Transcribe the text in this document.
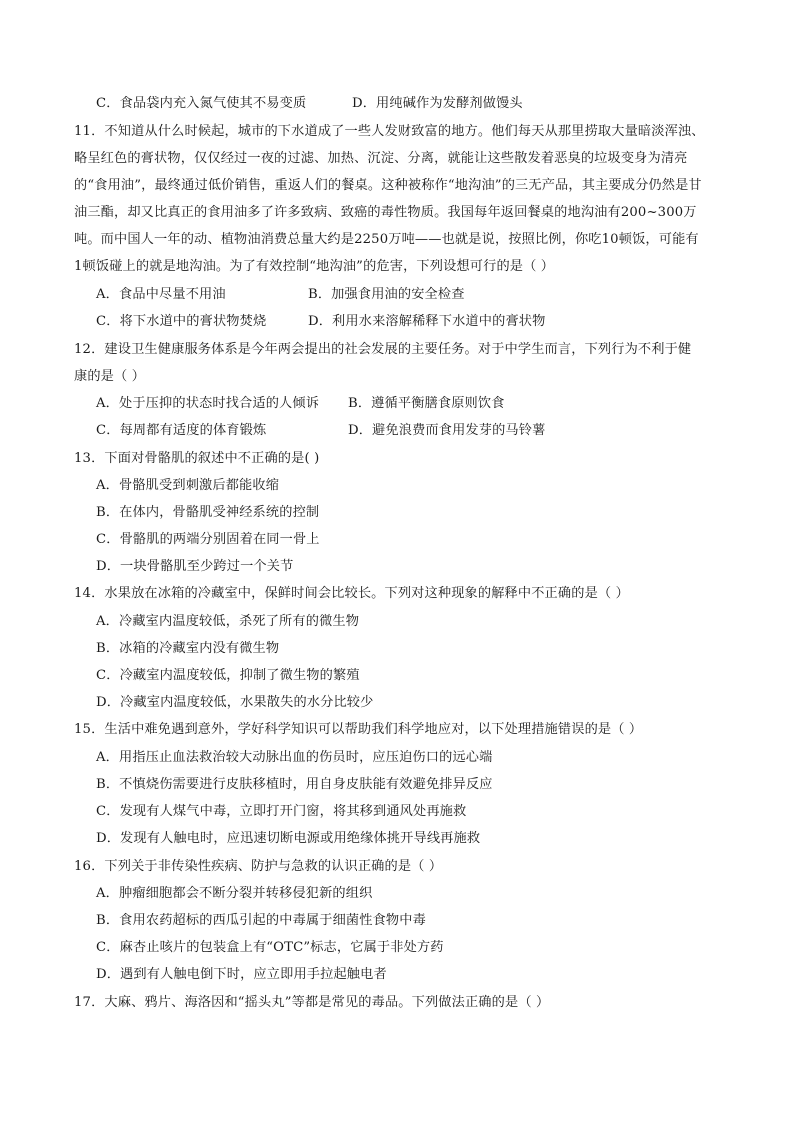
C．食品袋内充入氮气使其不易变质	D．用纯碱作为发酵剂做馒头
11．不知道从什么时候起，城市的下水道成了一些人发财致富的地方。他们每天从那里捞取大量暗淡浑浊、
略呈红色的膏状物，仅仅经过一夜的过滤、加热、沉淀、分离，就能让这些散发着恶臭的垃圾变身为清亮
的“食用油”，最终通过低价销售，重返人们的餐桌。这种被称作“地沟油”的三无产品，其主要成分仍然是甘
油三酯，却又比真正的食用油多了许多致病、致癌的毒性物质。我国每年返回餐桌的地沟油有200~300万
吨。而中国人一年的动、植物油消费总量大约是2250万吨——也就是说，按照比例，你吃10顿饭，可能有
1顿饭碰上的就是地沟油。为了有效控制“地沟油”的危害，下列设想可行的是（ ）
A．食品中尽量不用油	B．加强食用油的安全检查
C．将下水道中的膏状物焚烧	D．利用水来溶解稀释下水道中的膏状物
12．建设卫生健康服务体系是今年两会提出的社会发展的主要任务。对于中学生而言，下列行为不利于健
康的是（ ）
A．处于压抑的状态时找合适的人倾诉 B．遵循平衡膳食原则饮食
C．每周都有适度的体育锻炼	D．避免浪费而食用发芽的马铃薯
13．下面对骨骼肌的叙述中不正确的是( )
A．骨骼肌受到刺激后都能收缩
B．在体内，骨骼肌受神经系统的控制
C．骨骼肌的两端分别固着在同一骨上
D．一块骨骼肌至少跨过一个关节
14．水果放在冰箱的冷藏室中，保鲜时间会比较长。下列对这种现象的解释中不正确的是（ ）
A．冷藏室内温度较低，杀死了所有的微生物
B．冰箱的冷藏室内没有微生物
C．冷藏室内温度较低，抑制了微生物的繁殖
D．冷藏室内温度较低，水果散失的水分比较少
15．生活中难免遇到意外，学好科学知识可以帮助我们科学地应对，以下处理措施错误的是（ ）
A．用指压止血法救治较大动脉出血的伤员时，应压迫伤口的远心端
B．不慎烧伤需要进行皮肤移植时，用自身皮肤能有效避免排异反应
C．发现有人煤气中毒，立即打开门窗，将其移到通风处再施救
D．发现有人触电时，应迅速切断电源或用绝缘体挑开导线再施救
16．下列关于非传染性疾病、防护与急救的认识正确的是（ ）
A．肿瘤细胞都会不断分裂并转移侵犯新的组织
B．食用农药超标的西瓜引起的中毒属于细菌性食物中毒
C．麻杏止咳片的包装盒上有“OTC”标志，它属于非处方药
D．遇到有人触电倒下时，应立即用手拉起触电者
17．大麻、鸦片、海洛因和“摇头丸”等都是常见的毒品。下列做法正确的是（ ）
